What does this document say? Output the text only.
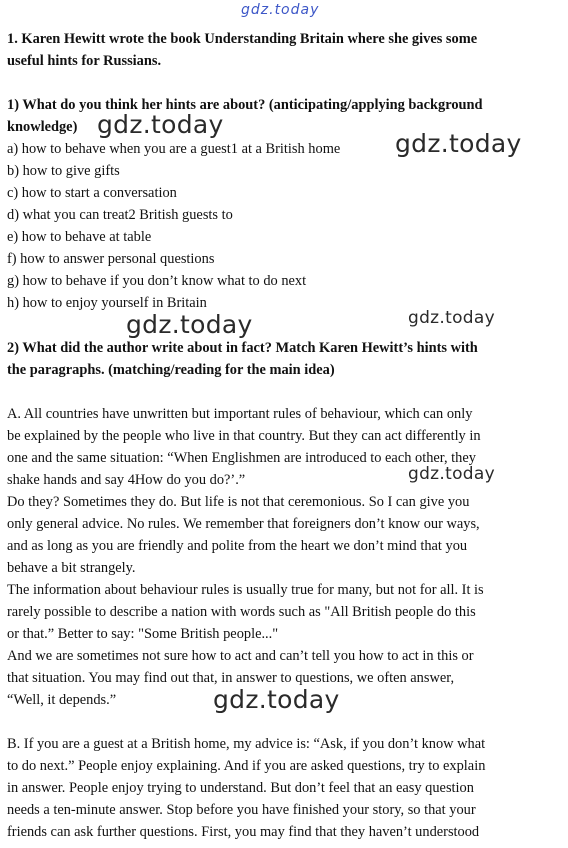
1. Karen Hewitt wrote the book Understanding Britain where she gives some
useful hints for Russians.
1) What do you think her hints are about? (anticipating/applying background
knowledge)
a) how to behave when you are a guest1 at a British home
b) how to give gifts
c) how to start a conversation
d) what you can treat2 British guests to
e) how to behave at table
f) how to answer personal questions
g) how to behave if you don’t know what to do next
h) how to enjoy yourself in Britain
2) What did the author write about in fact? Match Karen Hewitt’s hints with
the paragraphs. (matching/reading for the main idea)
A. All countries have unwritten but important rules of behaviour, which can only
be explained by the people who live in that country. But they can act differently in
one and the same situation: “When Englishmen are introduced to each other, they
shake hands and say 4How do you do?’.”
Do they? Sometimes they do. But life is not that ceremonious. So I can give you
only general advice. No rules. We remember that foreigners don’t know our ways,
and as long as you are friendly and polite from the heart we don’t mind that you
behave a bit strangely.
The information about behaviour rules is usually true for many, but not for all. It is
rarely possible to describe a nation with words such as "All British people do this
or that.” Better to say: "Some British people..."
And we are sometimes not sure how to act and can’t tell you how to act in this or
that situation. You may find out that, in answer to questions, we often answer,
“Well, it depends.”
B. If you are a guest at a British home, my advice is: “Ask, if you don’t know what
to do next.” People enjoy explaining. And if you are asked questions, try to explain
in answer. People enjoy trying to understand. But don’t feel that an easy question
needs a ten-minute answer. Stop before you have finished your story, so that your
friends can ask further questions. First, you may find that they haven’t understood
gdz.today
gdz.today
gdz.today
gdz.today	gdz.today
gdz.today
gdz.today
